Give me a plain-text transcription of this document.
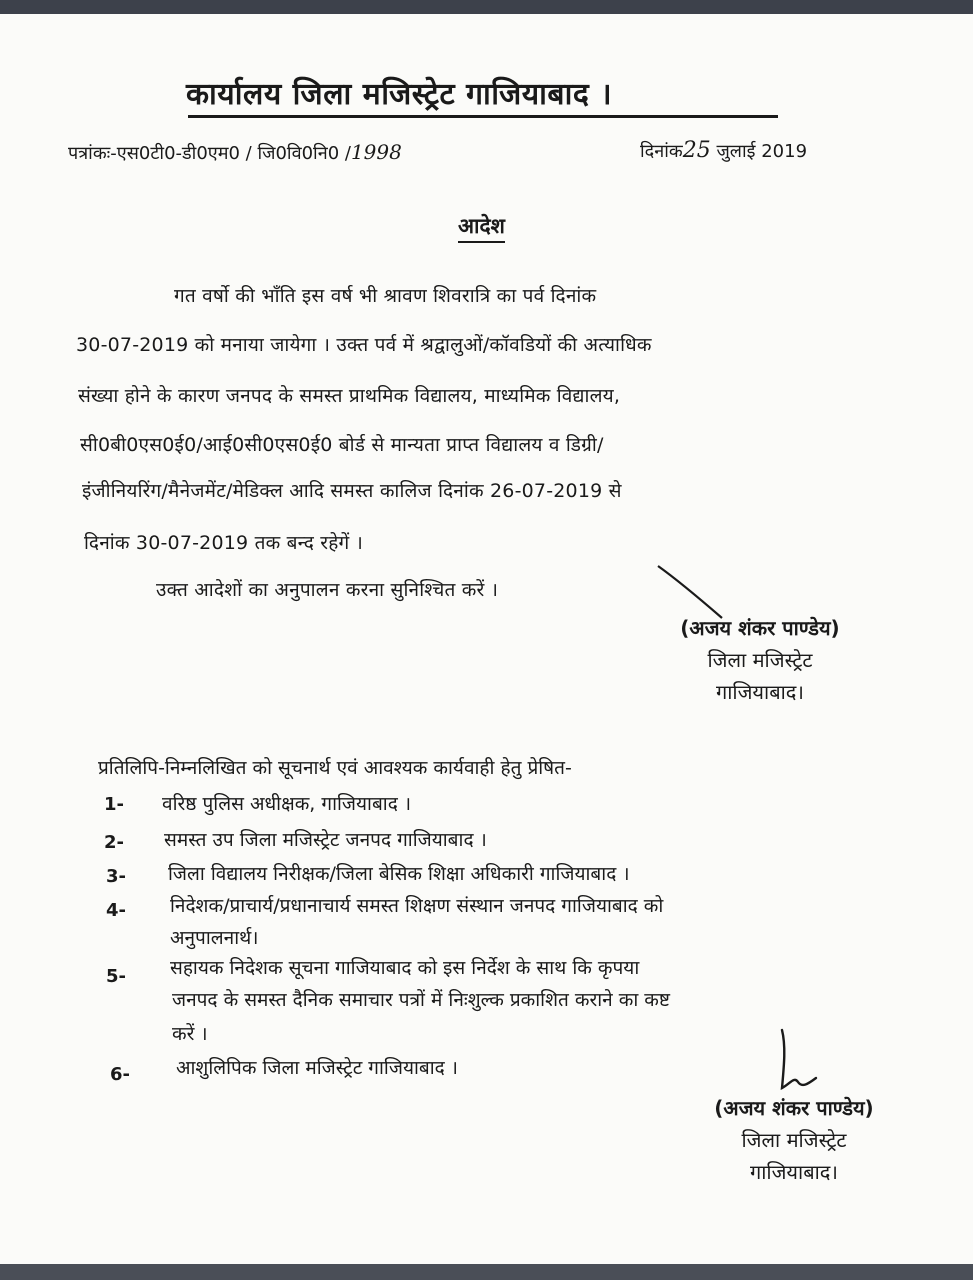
कार्यालय जिला मजिस्ट्रेट गाजियाबाद ।
पत्रांकः-एस0टी0-डी0एम0 / जि0वि0नि0 /1998	दिनांक25 जुलाई 2019
आदेश
गत वर्षो की भाँति इस वर्ष भी श्रावण शिवरात्रि का पर्व दिनांक
30-07-2019 को मनाया जायेगा । उक्त पर्व में श्रद्वालुओं/कॉवडियों की अत्याधिक
संख्या होने के कारण जनपद के समस्त प्राथमिक विद्यालय, माध्यमिक विद्यालय,
सी0बी0एस0ई0/आई0सी0एस0ई0 बोर्ड से मान्यता प्राप्त विद्यालय व डिग्री/
इंजीनियरिंग/मैनेजमेंट/मेडिक्ल आदि समस्त कालिज दिनांक 26-07-2019 से
दिनांक 30-07-2019 तक बन्द रहेगें ।
उक्त आदेशों का अनुपालन करना सुनिश्चित करें ।
(अजय शंकर पाण्डेय)
जिला मजिस्ट्रेट
गाजियाबाद।
प्रतिलिपि-निम्नलिखित को सूचनार्थ एवं आवश्यक कार्यवाही हेतु प्रेषित-
1- वरिष्ठ पुलिस अधीक्षक, गाजियाबाद ।
2- समस्त उप जिला मजिस्ट्रेट जनपद गाजियाबाद ।
3- जिला विद्यालय निरीक्षक/जिला बेसिक शिक्षा अधिकारी गाजियाबाद ।
4- निदेशक/प्राचार्य/प्रधानाचार्य समस्त शिक्षण संस्थान जनपद गाजियाबाद को
अनुपालनार्थ।
5- सहायक निदेशक सूचना गाजियाबाद को इस निर्देश के साथ कि कृपया
जनपद के समस्त दैनिक समाचार पत्रों में निःशुल्क प्रकाशित कराने का कष्ट
करें ।
6- आशुलिपिक जिला मजिस्ट्रेट गाजियाबाद ।
(अजय शंकर पाण्डेय)
जिला मजिस्ट्रेट
गाजियाबाद।
